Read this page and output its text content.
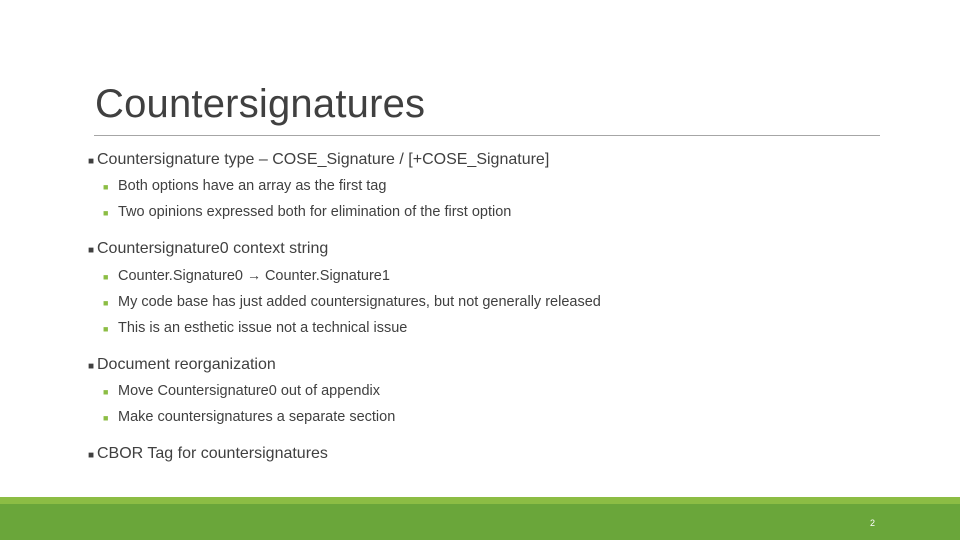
Countersignatures
■ Countersignature type – COSE_Signature / [+COSE_Signature]
■ Both options have an array as the first tag
■ Two opinions expressed both for elimination of the first option
■ Countersignature0 context string
■ Counter.Signature0 → Counter.Signature1
■ My code base has just added countersignatures, but not generally released
■ This is an esthetic issue not a technical issue
■ Document reorganization
■ Move Countersignature0 out of appendix
■ Make countersignatures a separate section
■ CBOR Tag for countersignatures
2
